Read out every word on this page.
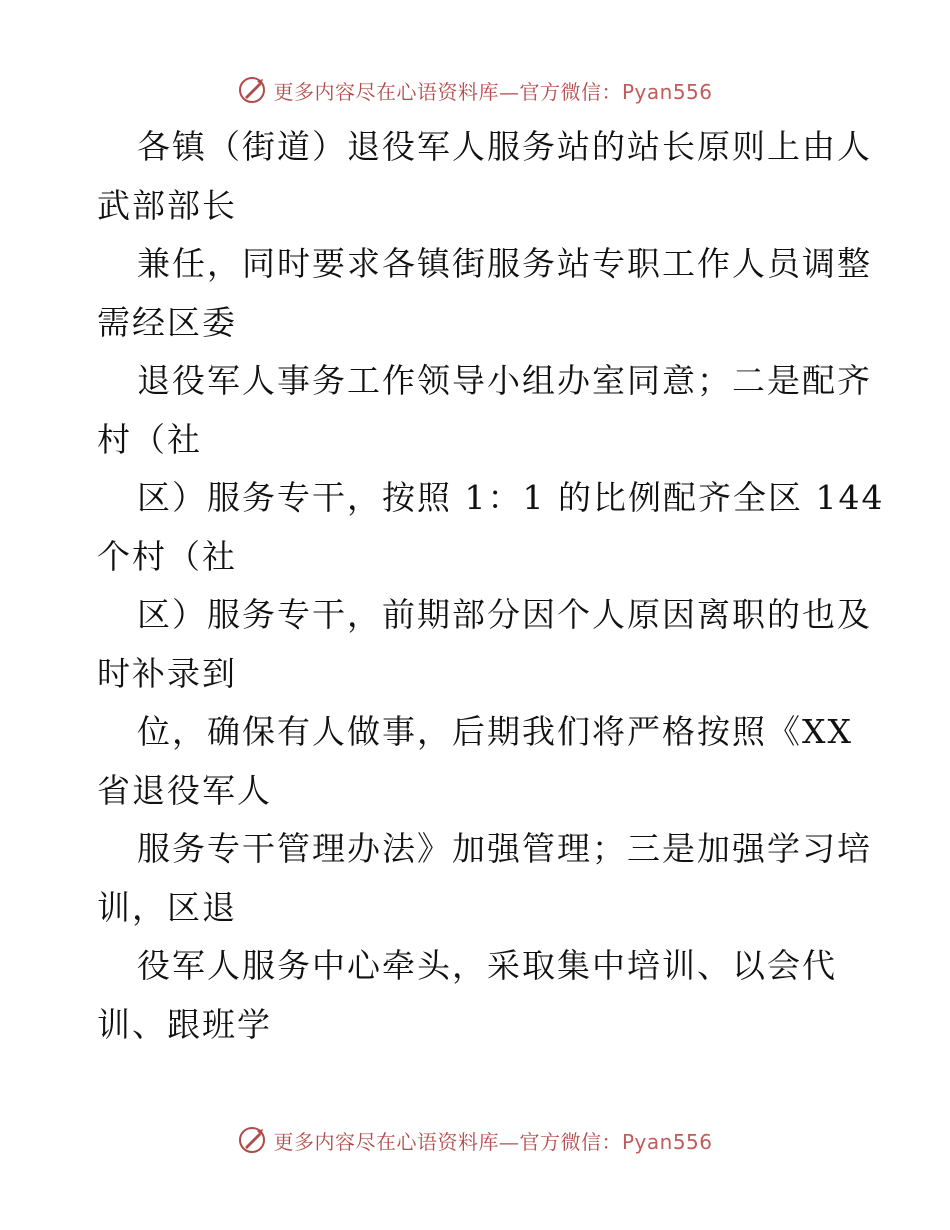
更多内容尽在心语资料库—官方微信：Pyan556

各镇（街道）退役军人服务站的站长原则上由人
武部部长

兼任，同时要求各镇街服务站专职工作人员调整
需经区委

退役军人事务工作领导小组办室同意；二是配齐
村（社

区）服务专干，按照 1：1 的比例配齐全区 144
个村（社

区）服务专干，前期部分因个人原因离职的也及
时补录到

位，确保有人做事，后期我们将严格按照《XX
省退役军人

服务专干管理办法》加强管理；三是加强学习培
训，区退

役军人服务中心牵头，采取集中培训、以会代
训、跟班学

更多内容尽在心语资料库—官方微信：Pyan556
